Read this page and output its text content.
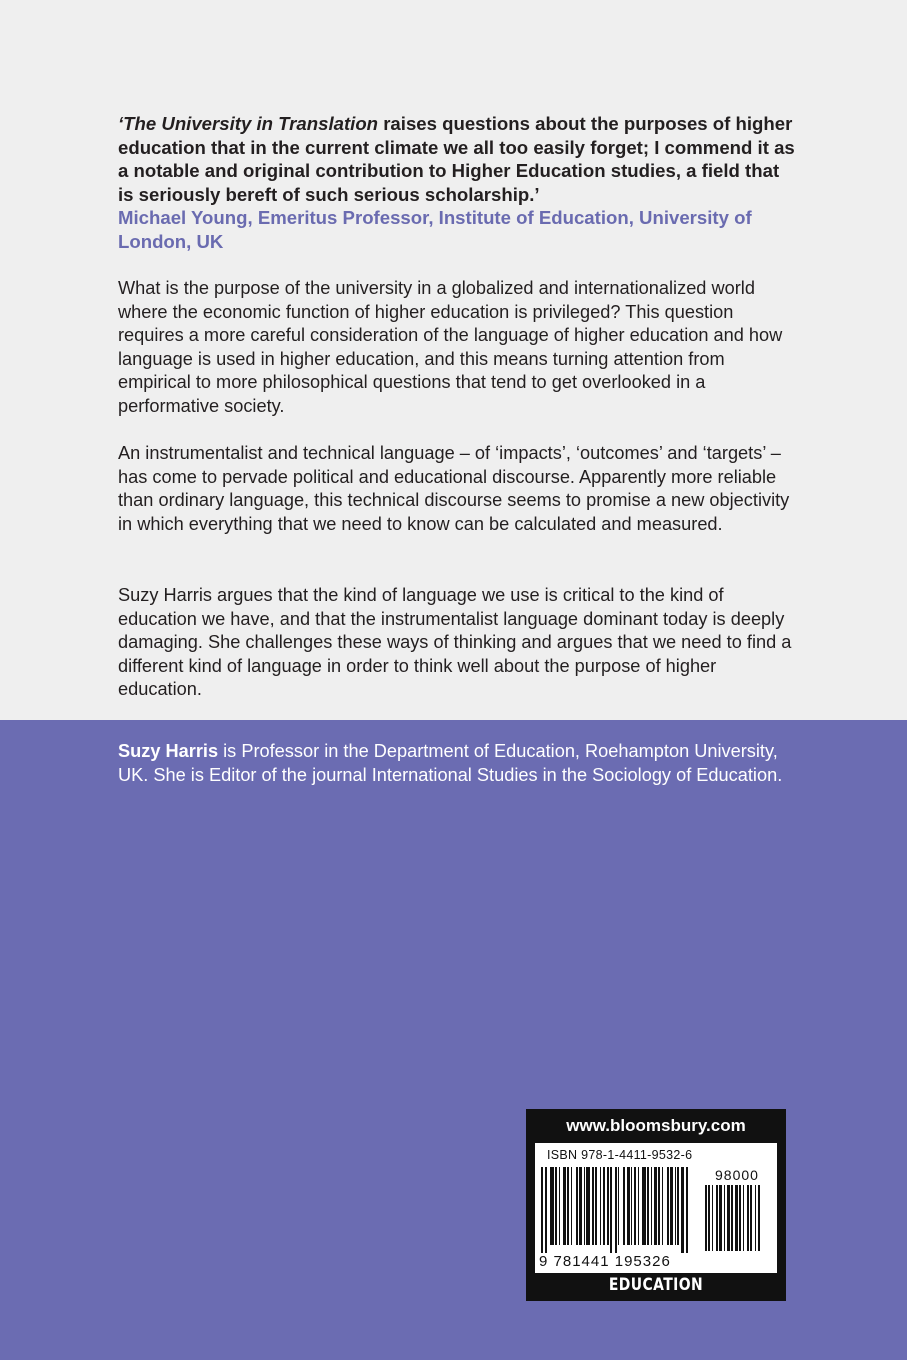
‘The University in Translation raises questions about the purposes of higher education that in the current climate we all too easily forget; I commend it as a notable and original contribution to Higher Education studies, a field that is seriously bereft of such serious scholarship.’

Michael Young, Emeritus Professor, Institute of Education, University of London, UK

What is the purpose of the university in a globalized and internationalized world where the economic function of higher education is privileged? This question requires a more careful consideration of the language of higher education and how language is used in higher education, and this means turning attention from empirical to more philosophical questions that tend to get overlooked in a performative society.

An instrumentalist and technical language – of ‘impacts’, ‘outcomes’ and ‘targets’ – has come to pervade political and educational discourse. Apparently more reliable than ordinary language, this technical discourse seems to promise a new objectivity in which everything that we need to know can be calculated and measured.

Suzy Harris argues that the kind of language we use is critical to the kind of education we have, and that the instrumentalist language dominant today is deeply damaging. She challenges these ways of thinking and argues that we need to find a different kind of language in order to think well about the purpose of higher education.

Suzy Harris is Professor in the Department of Education, Roehampton University, UK. She is Editor of the journal International Studies in the Sociology of Education.

www.bloomsbury.com
ISBN 978-1-4411-9532-6
98000
9 781441 195326
EDUCATION
